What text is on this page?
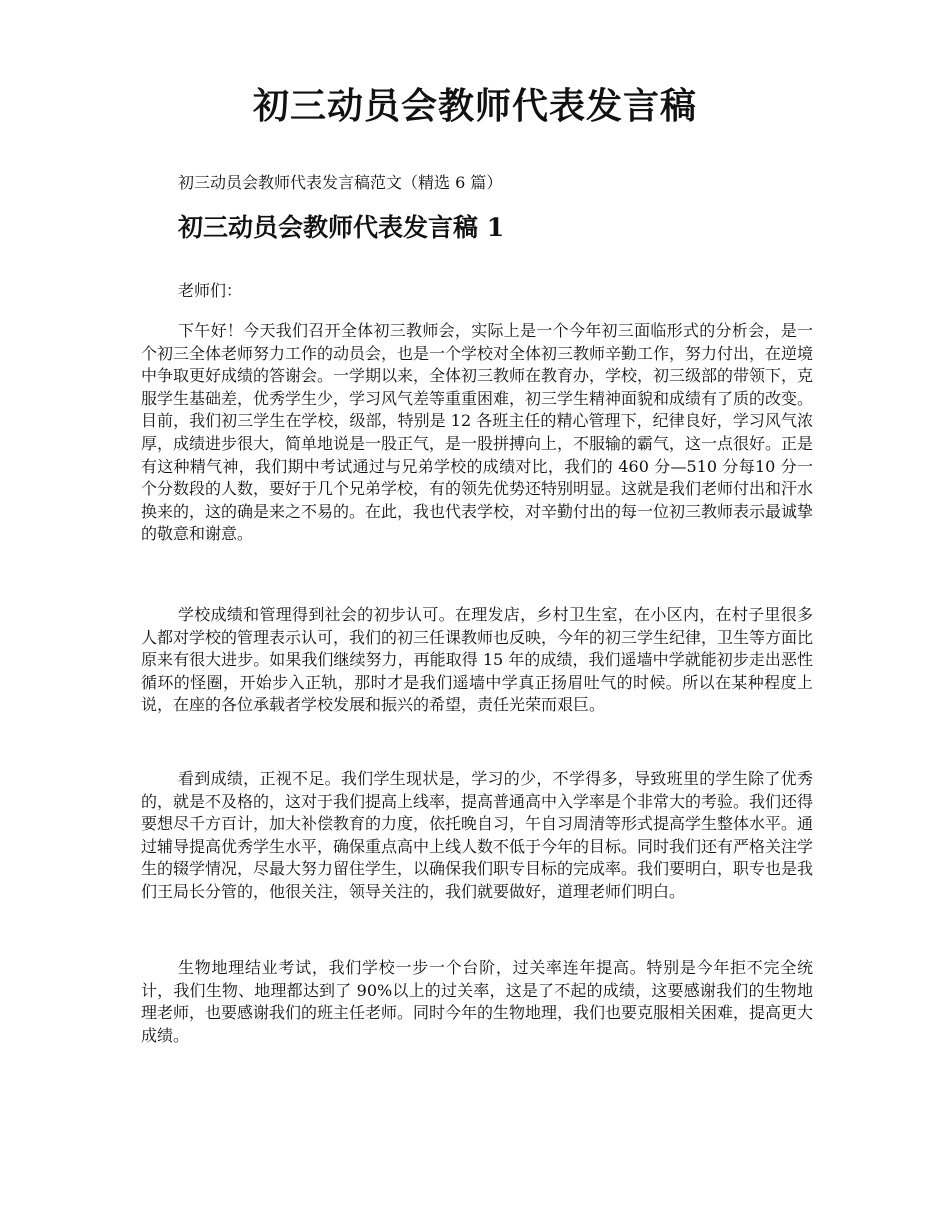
初三动员会教师代表发言稿

初三动员会教师代表发言稿范文（精选 6 篇）

初三动员会教师代表发言稿 1

老师们：

下午好！今天我们召开全体初三教师会，实际上是一个今年初三面临形式的分析会，是一个初三全体老师努力工作的动员会，也是一个学校对全体初三教师辛勤工作，努力付出，在逆境中争取更好成绩的答谢会。一学期以来，全体初三教师在教育办，学校，初三级部的带领下，克服学生基础差，优秀学生少，学习风气差等重重困难，初三学生精神面貌和成绩有了质的改变。目前，我们初三学生在学校，级部，特别是 12 各班主任的精心管理下，纪律良好，学习风气浓厚，成绩进步很大，简单地说是一股正气，是一股拼搏向上，不服输的霸气，这一点很好。正是有这种精气神，我们期中考试通过与兄弟学校的成绩对比，我们的 460 分—510 分每10 分一个分数段的人数，要好于几个兄弟学校，有的领先优势还特别明显。这就是我们老师付出和汗水换来的，这的确是来之不易的。在此，我也代表学校，对辛勤付出的每一位初三教师表示最诚挚的敬意和谢意。

学校成绩和管理得到社会的初步认可。在理发店，乡村卫生室，在小区内，在村子里很多人都对学校的管理表示认可，我们的初三任课教师也反映，今年的初三学生纪律，卫生等方面比原来有很大进步。如果我们继续努力，再能取得 15 年的成绩，我们遥墙中学就能初步走出恶性循环的怪圈，开始步入正轨，那时才是我们遥墙中学真正扬眉吐气的时候。所以在某种程度上说，在座的各位承载者学校发展和振兴的希望，责任光荣而艰巨。

看到成绩，正视不足。我们学生现状是，学习的少，不学得多，导致班里的学生除了优秀的，就是不及格的，这对于我们提高上线率，提高普通高中入学率是个非常大的考验。我们还得要想尽千方百计，加大补偿教育的力度，依托晚自习，午自习周清等形式提高学生整体水平。通过辅导提高优秀学生水平，确保重点高中上线人数不低于今年的目标。同时我们还有严格关注学生的辍学情况，尽最大努力留住学生，以确保我们职专目标的完成率。我们要明白，职专也是我们王局长分管的，他很关注，领导关注的，我们就要做好，道理老师们明白。

生物地理结业考试，我们学校一步一个台阶，过关率连年提高。特别是今年拒不完全统计，我们生物、地理都达到了 90%以上的过关率，这是了不起的成绩，这要感谢我们的生物地理老师，也要感谢我们的班主任老师。同时今年的生物地理，我们也要克服相关困难，提高更大成绩。
